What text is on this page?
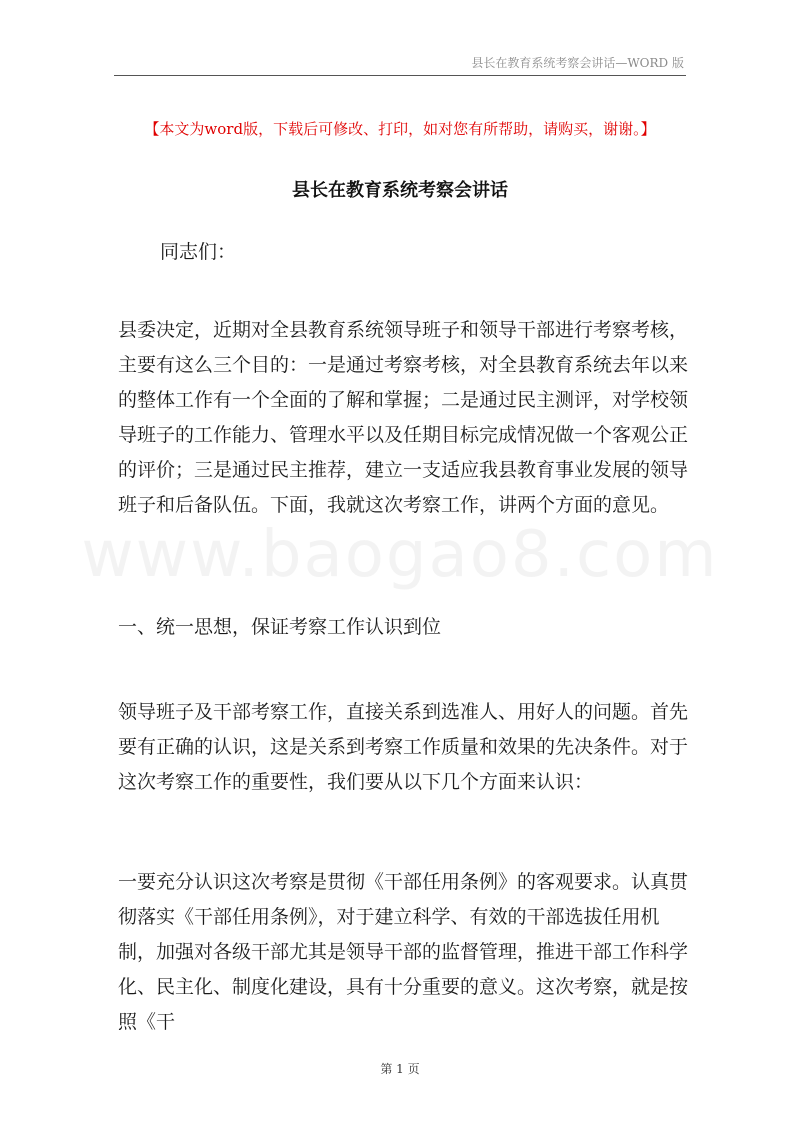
县长在教育系统考察会讲话—WORD 版
【本文为word版，下载后可修改、打印，如对您有所帮助，请购买，谢谢。】
县长在教育系统考察会讲话
同志们：
县委决定，近期对全县教育系统领导班子和领导干部进行考察考核，主要有这么三个目的：一是通过考察考核，对全县教育系统去年以来的整体工作有一个全面的了解和掌握；二是通过民主测评，对学校领导班子的工作能力、管理水平以及任期目标完成情况做一个客观公正的评价；三是通过民主推荐，建立一支适应我县教育事业发展的领导班子和后备队伍。下面，我就这次考察工作，讲两个方面的意见。
www.baogao8.com
一、统一思想，保证考察工作认识到位
领导班子及干部考察工作，直接关系到选准人、用好人的问题。首先要有正确的认识，这是关系到考察工作质量和效果的先决条件。对于这次考察工作的重要性，我们要从以下几个方面来认识：
一要充分认识这次考察是贯彻《干部任用条例》的客观要求。认真贯彻落实《干部任用条例》，对于建立科学、有效的干部选拔任用机制，加强对各级干部尤其是领导干部的监督管理，推进干部工作科学化、民主化、制度化建设，具有十分重要的意义。这次考察，就是按照《干
第 1 页
